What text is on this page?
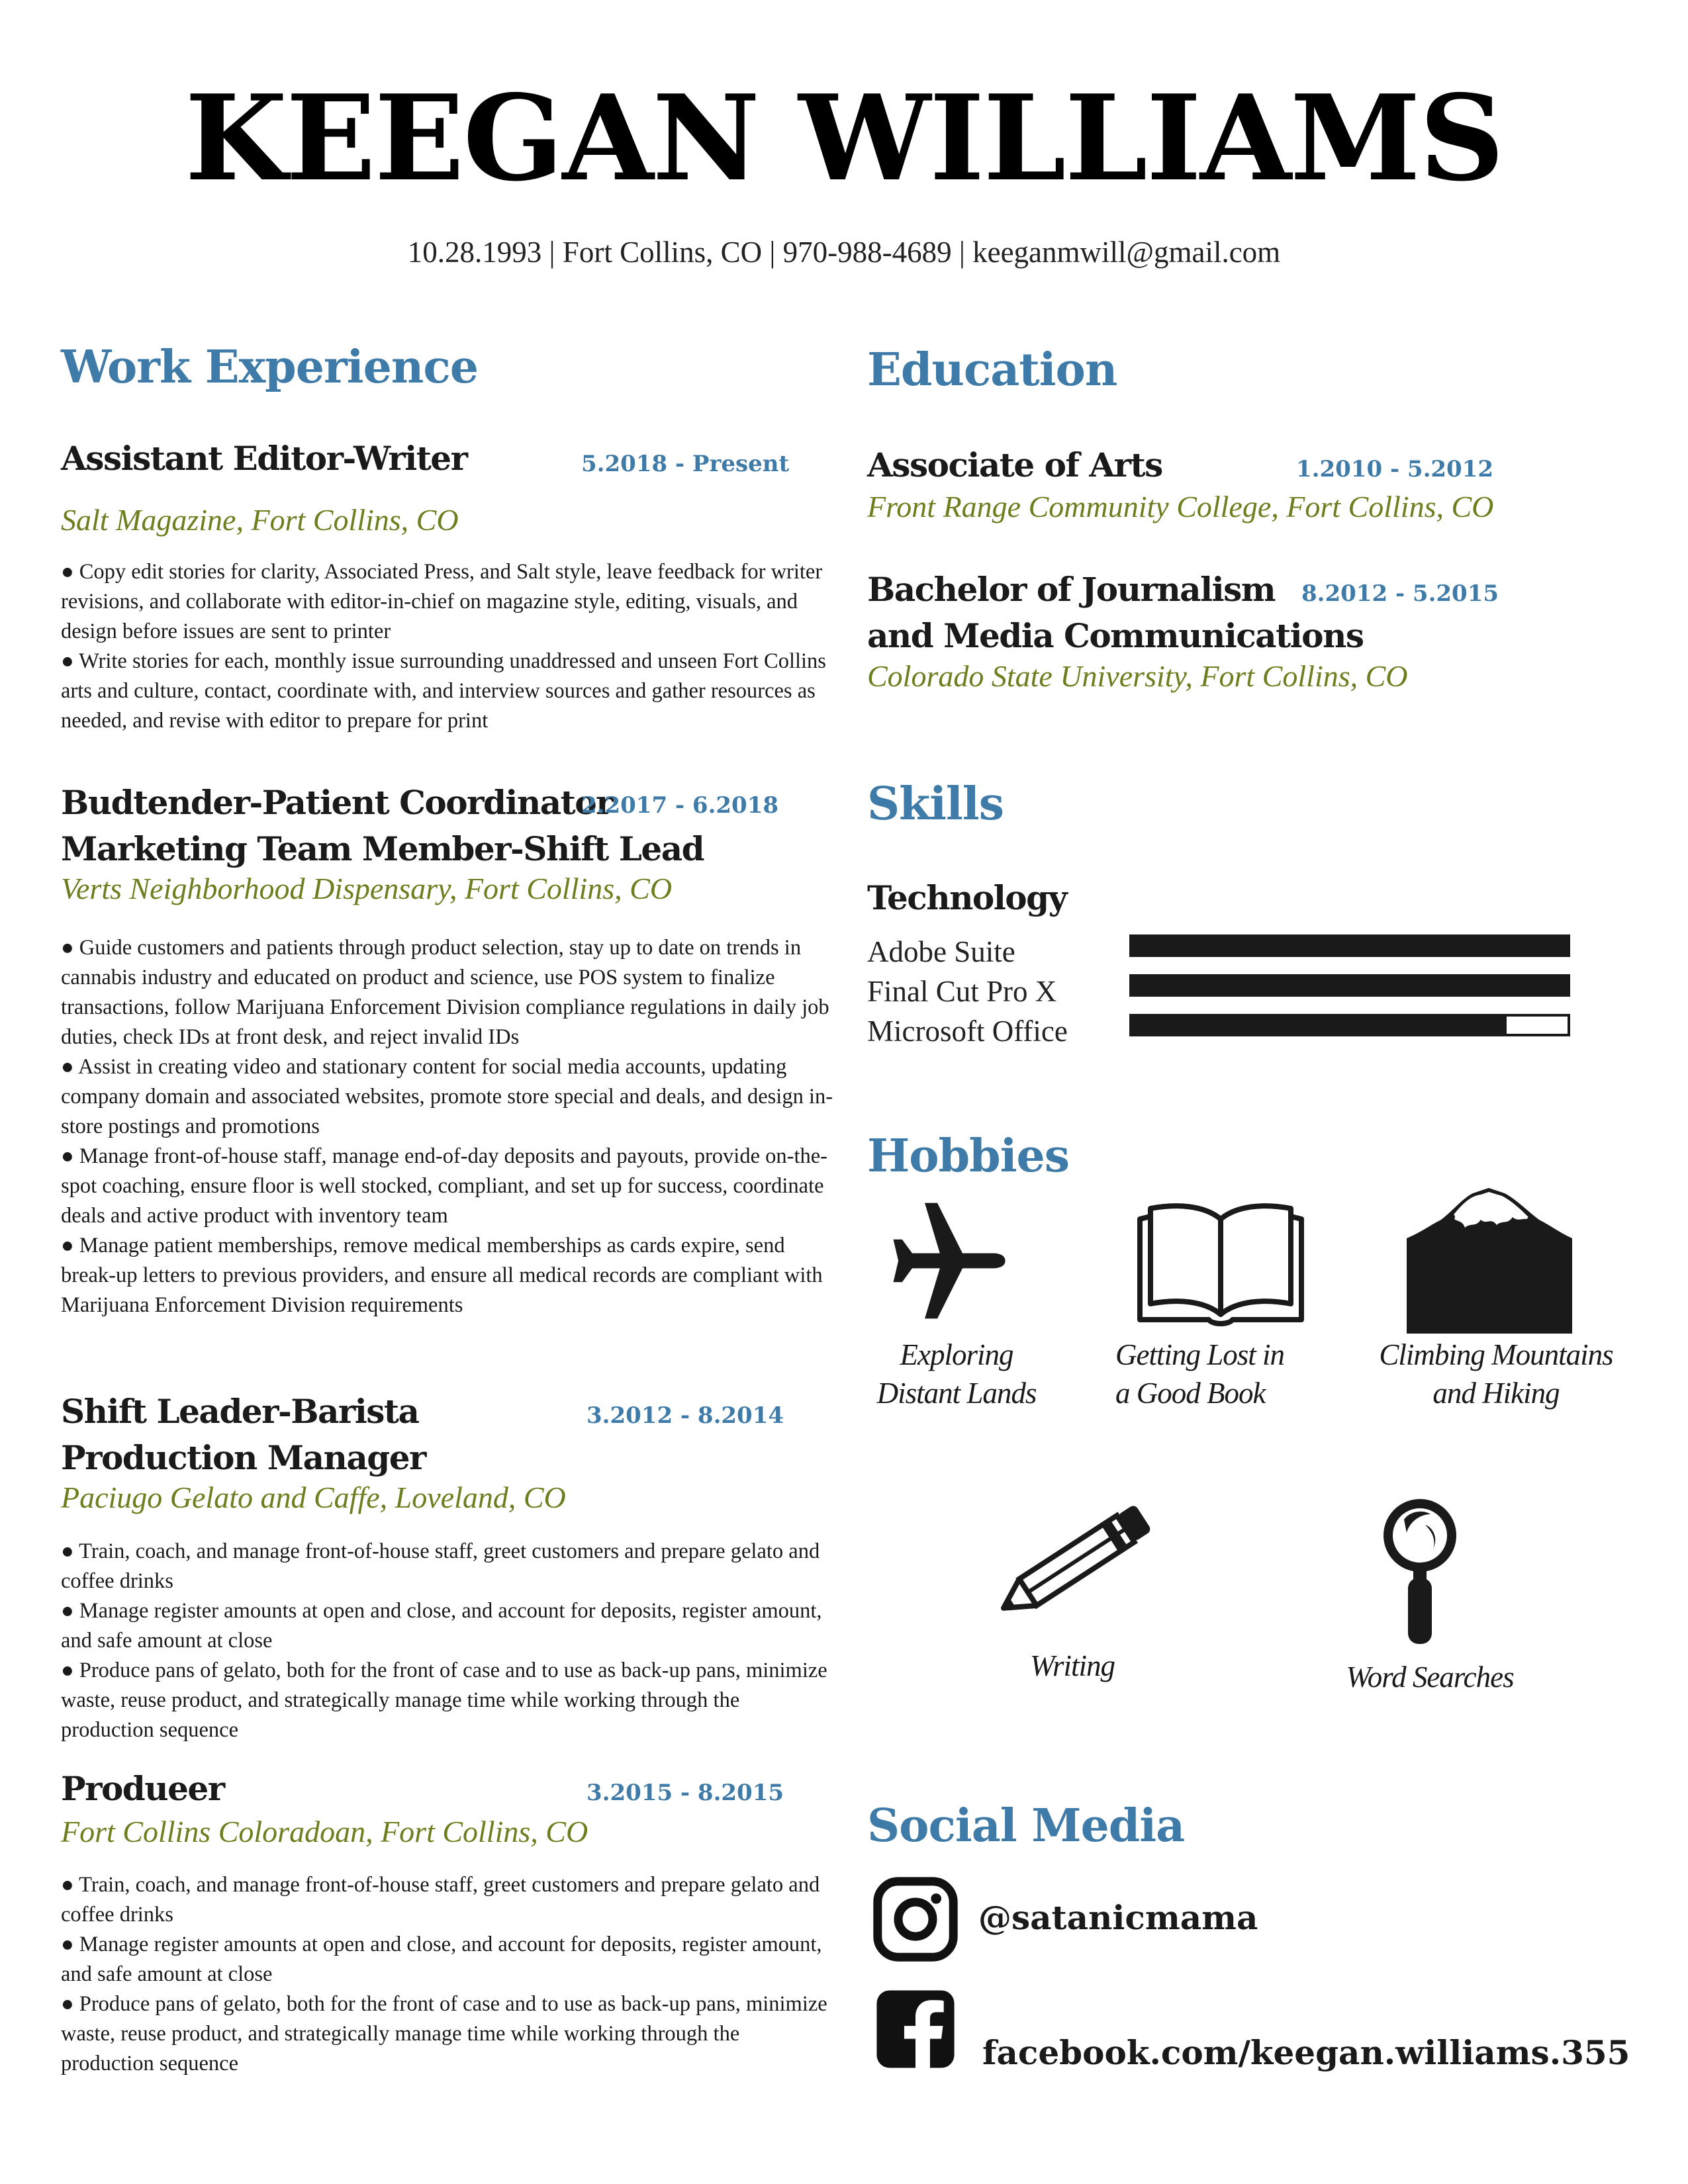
KEEGAN WILLIAMS
10.28.1993 | Fort Collins, CO | 970-988-4689 | keeganmwill@gmail.com
Work Experience
Assistant Editor-Writer	5.2018 - Present
Salt Magazine, Fort Collins, CO
● Copy edit stories for clarity, Associated Press, and Salt style, leave feedback for writer revisions, and collaborate with editor-in-chief on magazine style, editing, visuals, and design before issues are sent to printer
● Write stories for each, monthly issue surrounding unaddressed and unseen Fort Collins arts and culture, contact, coordinate with, and interview sources and gather resources as needed, and revise with editor to prepare for print
Budtender-Patient Coordinator
Marketing Team Member-Shift Lead
2.2017 - 6.2018
Verts Neighborhood Dispensary, Fort Collins, CO
● Guide customers and patients through product selection, stay up to date on trends in cannabis industry and educated on product and science, use POS system to finalize transactions, follow Marijuana Enforcement Division compliance regulations in daily job duties, check IDs at front desk, and reject invalid IDs
● Assist in creating video and stationary content for social media accounts, updating company domain and associated websites, promote store special and deals, and design in-store postings and promotions
● Manage front-of-house staff, manage end-of-day deposits and payouts, provide on-the-spot coaching, ensure floor is well stocked, compliant, and set up for success, coordinate deals and active product with inventory team
● Manage patient memberships, remove medical memberships as cards expire, send break-up letters to previous providers, and ensure all medical records are compliant with Marijuana Enforcement Division requirements
Shift Leader-Barista
Production Manager
3.2012 - 8.2014
Paciugo Gelato and Caffe, Loveland, CO
● Train, coach, and manage front-of-house staff, greet customers and prepare gelato and coffee drinks
● Manage register amounts at open and close, and account for deposits, register amount, and safe amount at close
● Produce pans of gelato, both for the front of case and to use as back-up pans, minimize waste, reuse product, and strategically manage time while working through the production sequence
Produeer	3.2015 - 8.2015
Fort Collins Coloradoan, Fort Collins, CO
● Train, coach, and manage front-of-house staff, greet customers and prepare gelato and coffee drinks
● Manage register amounts at open and close, and account for deposits, register amount, and safe amount at close
● Produce pans of gelato, both for the front of case and to use as back-up pans, minimize waste, reuse product, and strategically manage time while working through the production sequence
Education
Associate of Arts	1.2010 - 5.2012
Front Range Community College, Fort Collins, CO
Bachelor of Journalism
and Media Communications
8.2012 - 5.2015
Colorado State University, Fort Collins, CO
Skills
Technology
Adobe Suite
Final Cut Pro X
Microsoft Office
Hobbies
Exploring
Distant Lands
Getting Lost in
a Good Book
Climbing Mountains
and Hiking
Writing	Word Searches
Social Media
@satanicmama
facebook.com/keegan.williams.355
